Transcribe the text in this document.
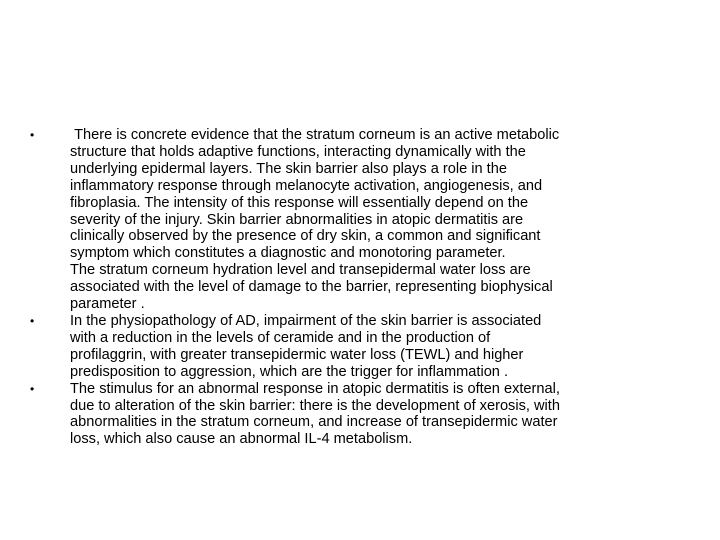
•	There is concrete evidence that the stratum corneum is an active metabolic
structure that holds adaptive functions, interacting dynamically with the
underlying epidermal layers. The skin barrier also plays a role in the
inflammatory response through melanocyte activation, angiogenesis, and
fibroplasia. The intensity of this response will essentially depend on the
severity of the injury. Skin barrier abnormalities in atopic dermatitis are
clinically observed by the presence of dry skin, a common and significant
symptom which constitutes a diagnostic and monotoring parameter.
The stratum corneum hydration level and transepidermal water loss are
associated with the level of damage to the barrier, representing biophysical
parameter .
• In the physiopathology of AD, impairment of the skin barrier is associated
with a reduction in the levels of ceramide and in the production of
profilaggrin, with greater transepidermic water loss (TEWL) and higher
predisposition to aggression, which are the trigger for inflammation .
• The stimulus for an abnormal response in atopic dermatitis is often external,
due to alteration of the skin barrier: there is the development of xerosis, with
abnormalities in the stratum corneum, and increase of transepidermic water
loss, which also cause an abnormal IL-4 metabolism.
